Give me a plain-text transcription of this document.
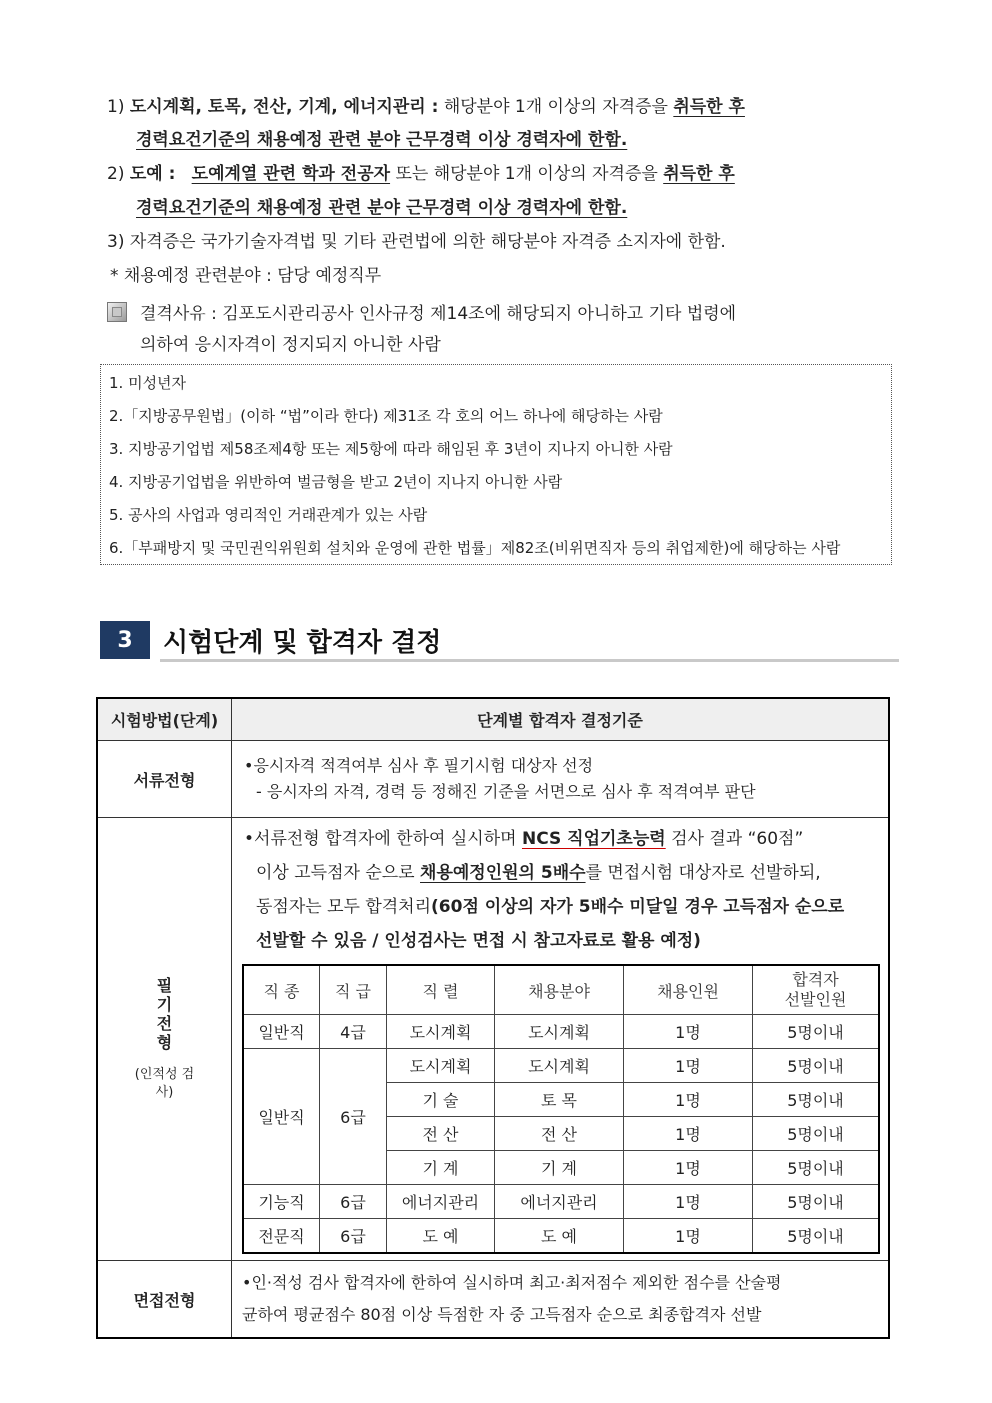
1) 도시계획, 토목, 전산, 기계, 에너지관리 : 해당분야 1개 이상의 자격증을 취득한 후
경력요건기준의 채용예정 관련 분야 근무경력 이상 경력자에 한함.
2) 도예 : 도예계열 관련 학과 전공자 또는 해당분야 1개 이상의 자격증을 취득한 후
경력요건기준의 채용예정 관련 분야 근무경력 이상 경력자에 한함.
3) 자격증은 국가기술자격법 및 기타 관련법에 의한 해당분야 자격증 소지자에 한함.
* 채용예정 관련분야 : 담당 예정직무
결격사유 : 김포도시관리공사 인사규정 제14조에 해당되지 아니하고 기타 법령에
의하여 응시자격이 정지되지 아니한 사람
1. 미성년자
2.「지방공무원법」(이하 “법”이라 한다) 제31조 각 호의 어느 하나에 해당하는 사람
3. 지방공기업법 제58조제4항 또는 제5항에 따라 해임된 후 3년이 지나지 아니한 사람
4. 지방공기업법을 위반하여 벌금형을 받고 2년이 지나지 아니한 사람
5. 공사의 사업과 영리적인 거래관계가 있는 사람
6.「부패방지 및 국민권익위원회 설치와 운영에 관한 법률」제82조(비위면직자 등의 취업제한)에 해당하는 사람
3	시험단계 및 합격자 결정
시험방법(단계)	단계별 합격자 결정기준
서류전형	
•응시자격 적격여부 심사 후 필기시험 대상자 선정
- 응시자의 자격, 경력 등 정해진 기준을 서면으로 심사 후 적격여부 판단

필기전형
(인적성 검사)

•서류전형 합격자에 한하여 실시하며 NCS 직업기초능력 검사 결과 “60점”
이상 고득점자 순으로 채용예정인원의 5배수를 면접시험 대상자로 선발하되,
동점자는 모두 합격처리(60점 이상의 자가 5배수 미달일 경우 고득점자 순으로
선발할 수 있음 / 인성검사는 면접 시 참고자료로 활용 예정)
직 종	직 급	직 렬	채용분야	채용인원	합격자
선발인원
일반직	4급	도시계획	도시계획	1명	5명이내
일반직	6급	도시계획	도시계획	1명	5명이내
기 술	토 목	1명	5명이내
전 산	전 산	1명	5명이내
기 계	기 계	1명	5명이내
기능직	6급	에너지관리	에너지관리	1명	5명이내
전문직	6급	도 예	도 예	1명	5명이내

면접전형	
•인·적성 검사 합격자에 한하여 실시하며 최고·최저점수 제외한 점수를 산술평
균하여 평균점수 80점 이상 득점한 자 중 고득점자 순으로 최종합격자 선발
